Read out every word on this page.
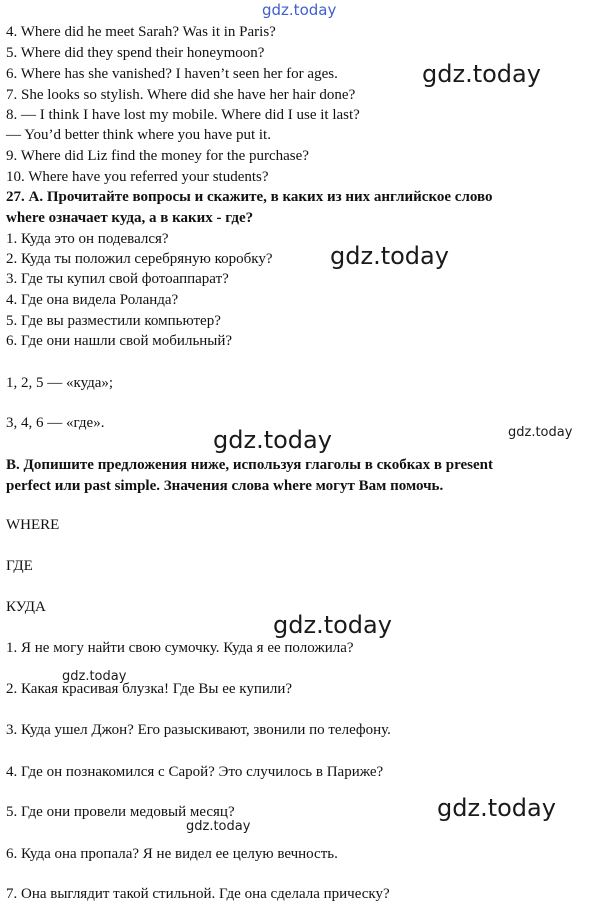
gdz.today
gdz.today
gdz.today
gdz.today	gdz.today
gdz.today
gdz.today
gdz.today
gdz.today
4. Where did he meet Sarah? Was it in Paris?
5. Where did they spend their honeymoon?
6. Where has she vanished? I haven’t seen her for ages.
7. She looks so stylish. Where did she have her hair done?
8. — I think I have lost my mobile. Where did I use it last?
— You’d better think where you have put it.
9. Where did Liz find the money for the purchase?
10. Where have you referred your students?
27. А. Прочитайте вопросы и скажите, в каких из них английское слово
where означает куда, а в каких - где?
1. Куда это он подевался?
2. Куда ты положил серебряную коробку?
3. Где ты купил свой фотоаппарат?
4. Где она видела Роланда?
5. Где вы разместили компьютер?
6. Где они нашли свой мобильный?
1, 2, 5 — «куда»;
3, 4, 6 — «где».
В. Допишите предложения ниже, используя глаголы в скобках в present
perfect или past simple. Значения слова where могут Вам помочь.
WHERE
ГДЕ
КУДА
1. Я не могу найти свою сумочку. Куда я ее положила?
2. Какая красивая блузка! Где Вы ее купили?
3. Куда ушел Джон? Его разыскивают, звонили по телефону.
4. Где он познакомился с Сарой? Это случилось в Париже?
5. Где они провели медовый месяц?
6. Куда она пропала? Я не видел ее целую вечность.
7. Она выглядит такой стильной. Где она сделала прическу?
